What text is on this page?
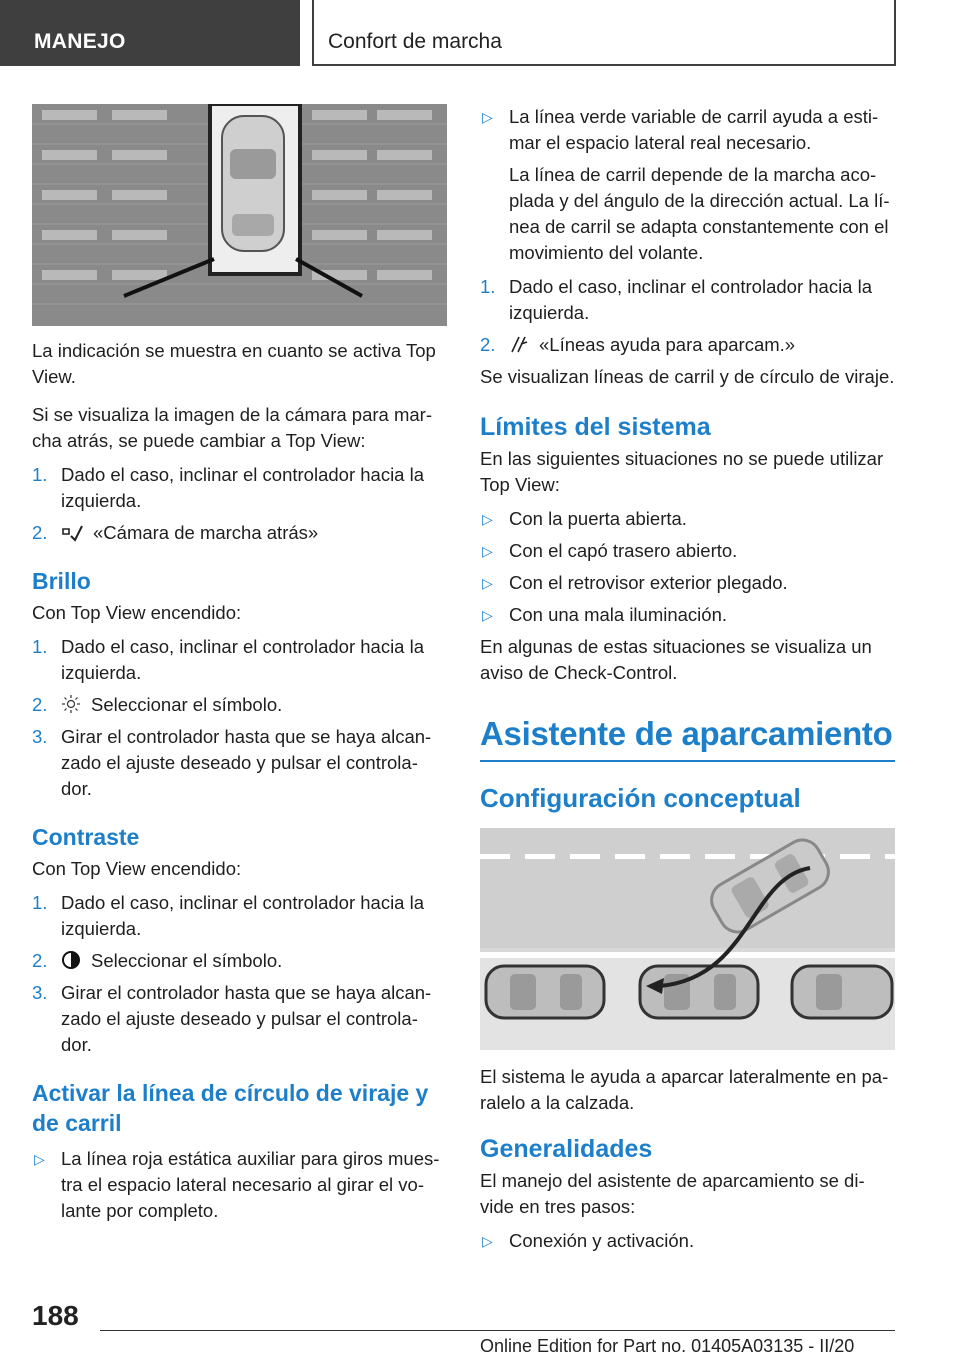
MANEJO	Confort de marcha

La indicación se muestra en cuanto se activa Top View.

Si se visualiza la imagen de la cámara para mar‐ cha atrás, se puede cambiar a Top View:

1. Dado el caso, inclinar el controlador hacia la izquierda.
2. «Cámara de marcha atrás»
Brillo

Con Top View encendido:

1. Dado el caso, inclinar el controlador hacia la izquierda.
2. Seleccionar el símbolo.
3. Girar el controlador hasta que se haya alcan‐ zado el ajuste deseado y pulsar el controla‐ dor.
Contraste

Con Top View encendido:

1. Dado el caso, inclinar el controlador hacia la izquierda.
2. Seleccionar el símbolo.
3. Girar el controlador hasta que se haya alcan‐ zado el ajuste deseado y pulsar el controla‐ dor.
Activar la línea de círculo de viraje y de carril
▷ La línea roja estática auxiliar para giros mues‐ tra el espacio lateral necesario al girar el vo‐ lante por completo.
▷ La línea verde variable de carril ayuda a esti‐ mar el espacio lateral real necesario.
La línea de carril depende de la marcha aco‐ plada y del ángulo de la dirección actual. La lí‐ nea de carril se adapta constantemente con el movimiento del volante.
1. Dado el caso, inclinar el controlador hacia la izquierda.
2. «Líneas ayuda para aparcam.»

Se visualizan líneas de carril y de círculo de viraje.

Límites del sistema

En las siguientes situaciones no se puede utilizar Top View:

▷ Con la puerta abierta.
▷ Con el capó trasero abierto.
▷ Con el retrovisor exterior plegado.
▷ Con una mala iluminación.

En algunas de estas situaciones se visualiza un aviso de Check-Control.

Asistente de aparcamiento
Configuración conceptual

El sistema le ayuda a aparcar lateralmente en pa‐ ralelo a la calzada.

Generalidades

El manejo del asistente de aparcamiento se di‐ vide en tres pasos:

▷ Conexión y activación.
188
Online Edition for Part no. 01405A03135 - II/20
